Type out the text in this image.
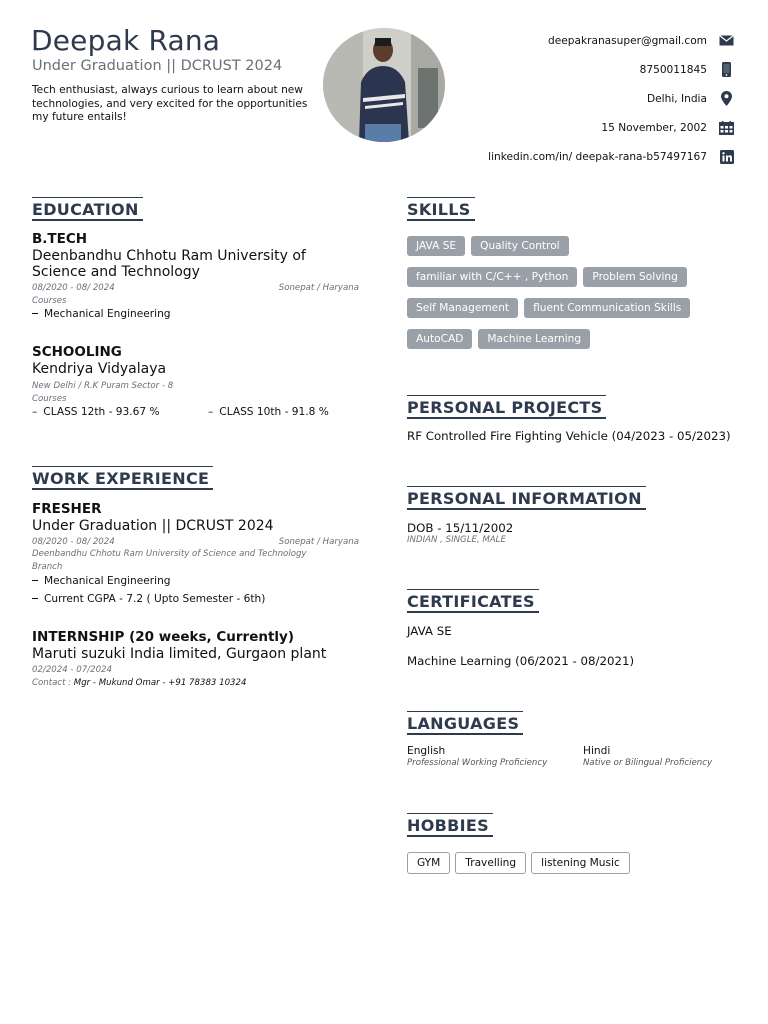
Deepak Rana
Under Graduation || DCRUST 2024
Tech enthusiast, always curious to learn about new technologies, and very excited for the opportunities my future entails!
deepakranasuper@gmail.com
8750011845
Delhi, India
15 November, 2002
linkedin.com/in/ deepak-rana-b57497167
EDUCATION
B.TECH
Deenbandhu Chhotu Ram University of Science and Technology
08/2020 - 08/ 2024	Sonepat / Haryana
Courses
Mechanical Engineering
SCHOOLING
Kendriya Vidyalaya
New Delhi / R.K Puram Sector - 8
Courses
– CLASS 12th - 93.67 %	– CLASS 10th - 91.8 %
WORK EXPERIENCE
FRESHER
Under Graduation || DCRUST 2024
08/2020 - 08/ 2024	Sonepat / Haryana
Deenbandhu Chhotu Ram University of Science and Technology
Branch
Mechanical Engineering
Current CGPA - 7.2 ( Upto Semester - 6th)
INTERNSHIP (20 weeks, Currently)
Maruti suzuki India limited, Gurgaon plant
02/2024 - 07/2024
Contact : Mgr - Mukund Omar - +91 78383 10324
SKILLS
JAVA SE Quality Control
familiar with C/C++ , Python Problem Solving
Self Management fluent Communication Skills
AutoCAD Machine Learning
PERSONAL PROJECTS
RF Controlled Fire Fighting Vehicle (04/2023 - 05/2023)
PERSONAL INFORMATION
DOB - 15/11/2002
INDIAN , SINGLE, MALE
CERTIFICATES
JAVA SE
Machine Learning (06/2021 - 08/2021)
LANGUAGES
English
Professional Working Proficiency
Hindi
Native or Bilingual Proficiency
HOBBIES
GYM Travelling listening Music
